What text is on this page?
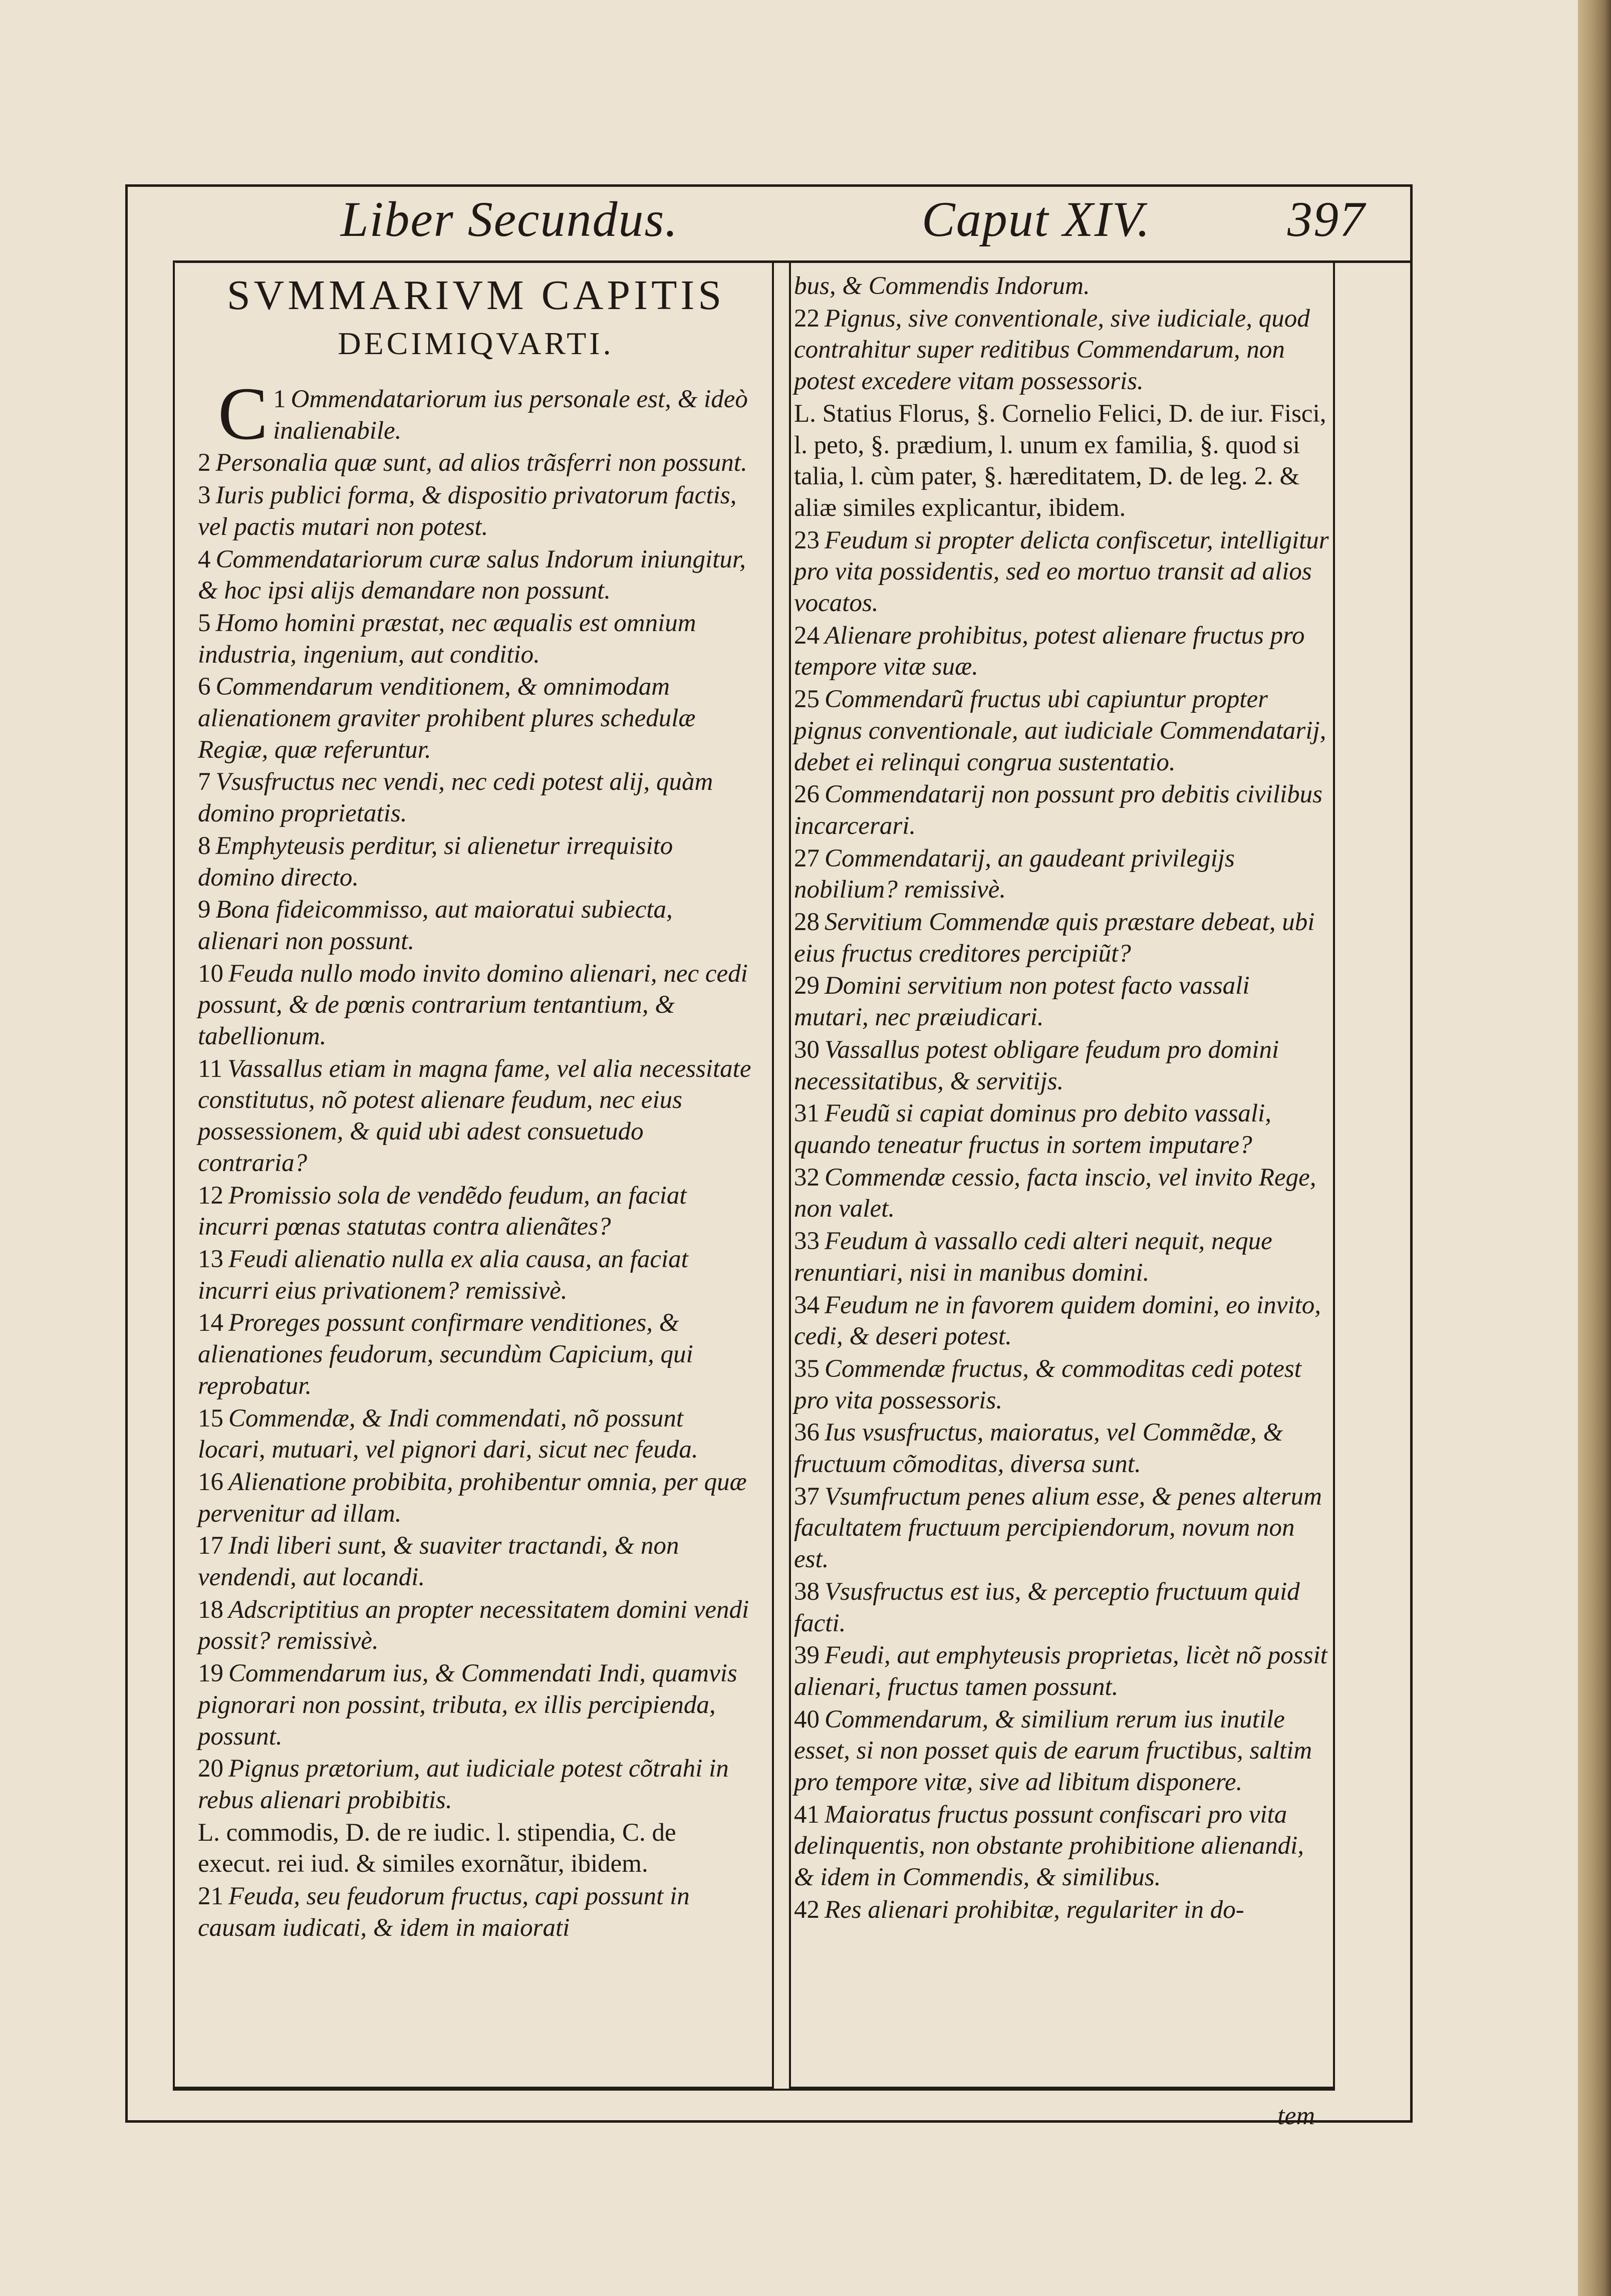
Liber Secundus.	Caput XIV.	397
SVMMARIVM CAPITIS
DECIMIQVARTI.
C 1 Ommendatariorum ius personale est, & ideò inalienabile.
2 Personalia quæ sunt, ad alios trãsferri non possunt.
3 Iuris publici forma, & dispositio privatorum factis, vel pactis mutari non potest.
4 Commendatariorum curæ salus Indorum iniungitur, & hoc ipsi alijs demandare non possunt.
5 Homo homini præstat, nec æqualis est omnium industria, ingenium, aut conditio.
6 Commendarum venditionem, & omnimodam alienationem graviter prohibent plures schedulæ Regiæ, quæ referuntur.
7 Vsusfructus nec vendi, nec cedi potest alij, quàm domino proprietatis.
8 Emphyteusis perditur, si alienetur irrequisito domino directo.
9 Bona fideicommisso, aut maioratui subiecta, alienari non possunt.
10 Feuda nullo modo invito domino alienari, nec cedi possunt, & de pœnis contrarium tentantium, & tabellionum.
11 Vassallus etiam in magna fame, vel alia necessitate constitutus, nõ potest alienare feudum, nec eius possessionem, & quid ubi adest consuetudo contraria?
12 Promissio sola de vendẽdo feudum, an faciat incurri pœnas statutas contra alienãtes?
13 Feudi alienatio nulla ex alia causa, an faciat incurri eius privationem? remissivè.
14 Proreges possunt confirmare venditiones, & alienationes feudorum, secundùm Capicium, qui reprobatur.
15 Commendæ, & Indi commendati, nõ possunt locari, mutuari, vel pignori dari, sicut nec feuda.
16 Alienatione probibita, prohibentur omnia, per quæ pervenitur ad illam.
17 Indi liberi sunt, & suaviter tractandi, & non vendendi, aut locandi.
18 Adscriptitius an propter necessitatem domini vendi possit? remissivè.
19 Commendarum ius, & Commendati Indi, quamvis pignorari non possint, tributa, ex illis percipienda, possunt.
20 Pignus prætorium, aut iudiciale potest cõtrahi in rebus alienari probibitis.
L. commodis, D. de re iudic. l. stipendia, C. de execut. rei iud. & similes exornãtur, ibidem.
21 Feuda, seu feudorum fructus, capi possunt in causam iudicati, & idem in maiorati
bus, & Commendis Indorum.
22 Pignus, sive conventionale, sive iudiciale, quod contrahitur super reditibus Commendarum, non potest excedere vitam possessoris.
L. Statius Florus, §. Cornelio Felici, D. de iur. Fisci, l. peto, §. prædium, l. unum ex familia, §. quod si talia, l. cùm pater, §. hæreditatem, D. de leg. 2. & aliæ similes explicantur, ibidem.
23 Feudum si propter delicta confiscetur, intelligitur pro vita possidentis, sed eo mortuo transit ad alios vocatos.
24 Alienare prohibitus, potest alienare fructus pro tempore vitæ suæ.
25 Commendarũ fructus ubi capiuntur propter pignus conventionale, aut iudiciale Commendatarij, debet ei relinqui congrua sustentatio.
26 Commendatarij non possunt pro debitis civilibus incarcerari.
27 Commendatarij, an gaudeant privilegijs nobilium? remissivè.
28 Servitium Commendæ quis præstare debeat, ubi eius fructus creditores percipiũt?
29 Domini servitium non potest facto vassali mutari, nec præiudicari.
30 Vassallus potest obligare feudum pro domini necessitatibus, & servitijs.
31 Feudũ si capiat dominus pro debito vassali, quando teneatur fructus in sortem imputare?
32 Commendæ cessio, facta inscio, vel invito Rege, non valet.
33 Feudum à vassallo cedi alteri nequit, neque renuntiari, nisi in manibus domini.
34 Feudum ne in favorem quidem domini, eo invito, cedi, & deseri potest.
35 Commendæ fructus, & commoditas cedi potest pro vita possessoris.
36 Ius vsusfructus, maioratus, vel Commẽdæ, & fructuum cõmoditas, diversa sunt.
37 Vsumfructum penes alium esse, & penes alterum facultatem fructuum percipiendorum, novum non est.
38 Vsusfructus est ius, & perceptio fructuum quid facti.
39 Feudi, aut emphyteusis proprietas, licèt nõ possit alienari, fructus tamen possunt.
40 Commendarum, & similium rerum ius inutile esset, si non posset quis de earum fructibus, saltim pro tempore vitæ, sive ad libitum disponere.
41 Maioratus fructus possunt confiscari pro vita delinquentis, non obstante prohibitione alienandi, & idem in Commendis, & similibus.
42 Res alienari prohibitæ, regulariter in do-
tem
